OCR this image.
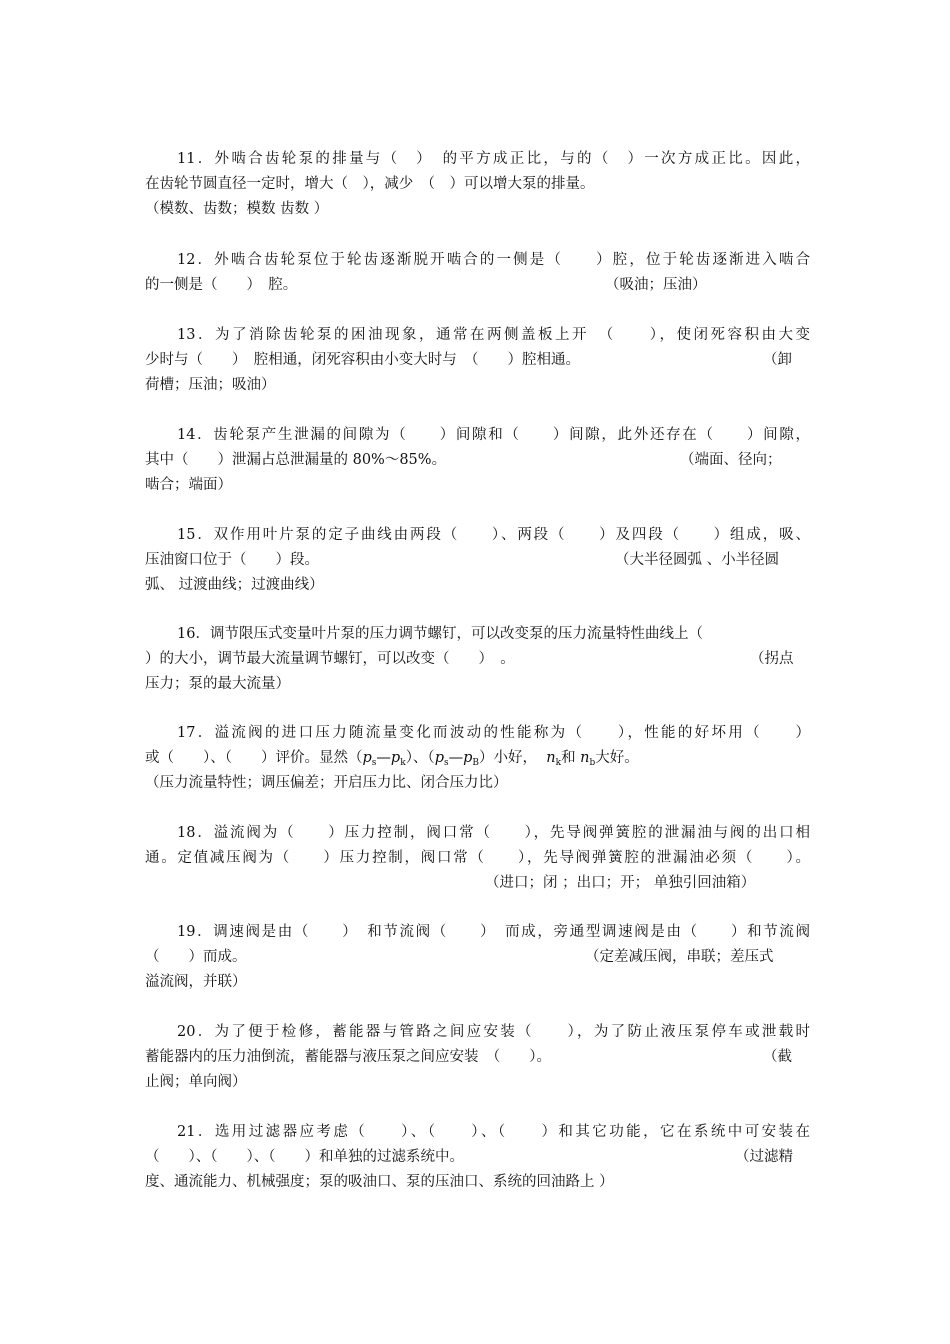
11．外啮合齿轮泵的排量与（　）　的平方成正比，与的（　）一次方成正比。因此，
在齿轮节圆直径一定时，增大（　），减少　（　）可以增大泵的排量。
（模数、齿数；模数 齿数 ）
12．外啮合齿轮泵位于轮齿逐渐脱开啮合的一侧是（　　）腔，位于轮齿逐渐进入啮合
的一侧是（　　）　腔。	（吸油；压油）
13．为了消除齿轮泵的困油现象，通常在两侧盖板上开　（　　），使闭死容积由大变
少时与（　　）　腔相通，闭死容积由小变大时与　（　　）腔相通。	（卸
荷槽；压油；吸油）
14．齿轮泵产生泄漏的间隙为（　　）间隙和（　　）间隙，此外还存在（　　）间隙，
其中（　　）泄漏占总泄漏量的 80%～85%。	（端面、径向；
啮合；端面）
15．双作用叶片泵的定子曲线由两段（　　）、两段（　　）及四段（　　）组成，吸、
压油窗口位于（　　）段。	（大半径圆弧 、小半径圆
弧、 过渡曲线；过渡曲线）
16．调节限压式变量叶片泵的压力调节螺钉，可以改变泵的压力流量特性曲线上（
）的大小，调节最大流量调节螺钉，可以改变（　　）　。	（拐点
压力；泵的最大流量）
17．溢流阀的进口压力随流量变化而波动的性能称为（　　），性能的好坏用（　　）
或（　　）、（　　）评价。显然$(p_s—p_k)$、$(p_s—p_B)$小好， $n_k$和 $n_b$大好。
（压力流量特性；调压偏差；开启压力比、闭合压力比）
18．溢流阀为（　　）压力控制，阀口常（　　），先导阀弹簧腔的泄漏油与阀的出口相
通。定值减压阀为（　　）压力控制，阀口常（　　），先导阀弹簧腔的泄漏油必须（　　）。
（进口；闭 ；出口；开； 单独引回油箱）
19．调速阀是由（　　）　和节流阀（　　）　而成，旁通型调速阀是由（　　）和节流阀
（　　）而成。	（定差减压阀，串联；差压式
溢流阀，并联）
20．为了便于检修，蓄能器与管路之间应安装（　　），为了防止液压泵停车或泄载时
蓄能器内的压力油倒流，蓄能器与液压泵之间应安装　（　　）。	（截
止阀；单向阀）
21．选用过滤器应考虑（　　）、（　　）、（　　）和其它功能，它在系统中可安装在
（　　）、（　　）、（　　）和单独的过滤系统中。	（过滤精
度、通流能力、机械强度；泵的吸油口、泵的压油口、系统的回油路上 ）
